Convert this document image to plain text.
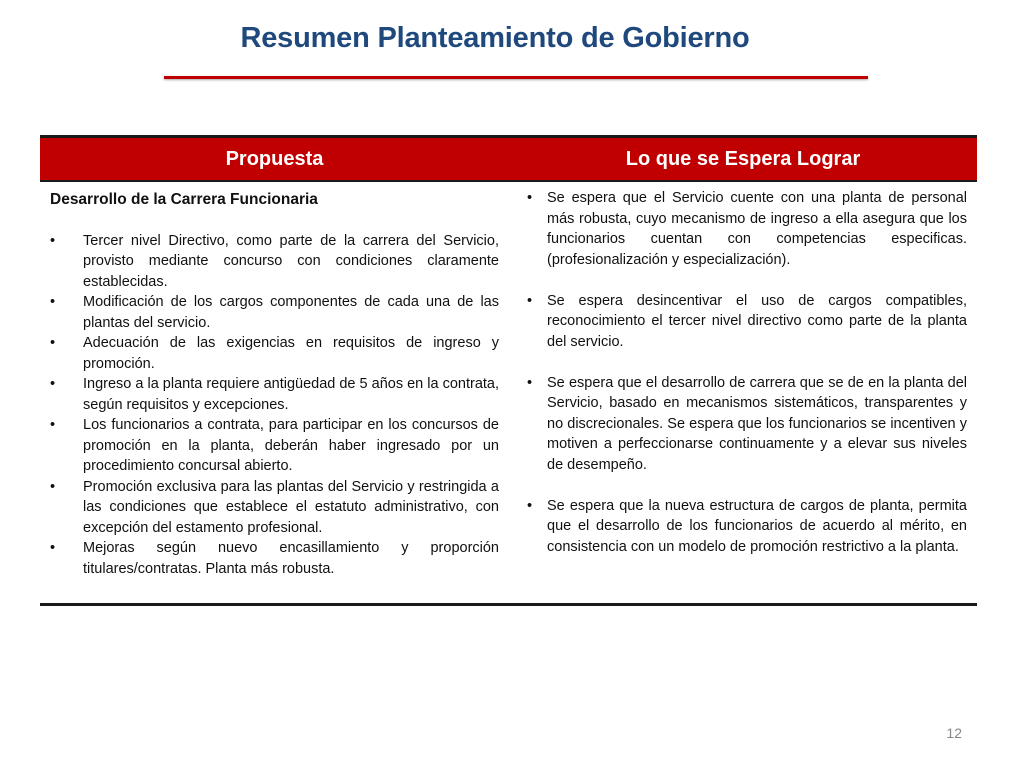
Resumen Planteamiento de Gobierno
Propuesta	Lo que se Espera Lograr
Desarrollo de la Carrera Funcionaria
• Tercer nivel Directivo, como parte de la carrera del Servicio, provisto mediante concurso con condiciones claramente establecidas.
• Modificación de los cargos componentes de cada una de las plantas del servicio.
• Adecuación de las exigencias en requisitos de ingreso y promoción.
• Ingreso a la planta requiere antigüedad de 5 años en la contrata, según requisitos y excepciones.
• Los funcionarios a contrata, para participar en los concursos de promoción en la planta, deberán haber ingresado por un procedimiento concursal abierto.
• Promoción exclusiva para las plantas del Servicio y restringida a las condiciones que establece el estatuto administrativo, con excepción del estamento profesional.
• Mejoras según nuevo encasillamiento y proporción titulares/contratas. Planta más robusta.
• Se espera que el Servicio cuente con una planta de personal más robusta, cuyo mecanismo de ingreso a ella asegura que los funcionarios cuentan con competencias especificas. (profesionalización y especialización).
• Se espera desincentivar el uso de cargos compatibles, reconocimiento el tercer nivel directivo como parte de la planta del servicio.
• Se espera que el desarrollo de carrera que se de en la planta del Servicio, basado en mecanismos sistemáticos, transparentes y no discrecionales. Se espera que los funcionarios se incentiven y motiven a perfeccionarse continuamente y a elevar sus niveles de desempeño.
• Se espera que la nueva estructura de cargos de planta, permita que el desarrollo de los funcionarios de acuerdo al mérito, en consistencia con un modelo de promoción restrictivo a la planta.
12
